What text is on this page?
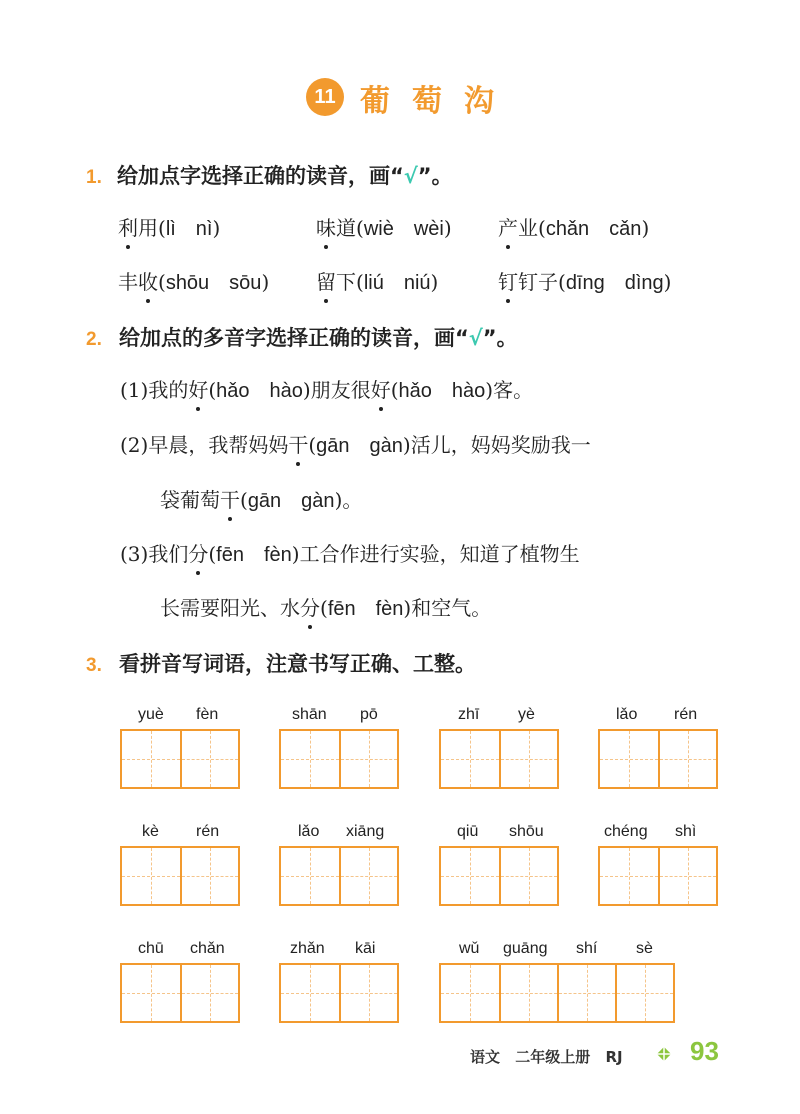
11 葡萄沟
1. 给加点字选择正确的读音，画“√”。
利用(lì　nì)	味道(wiè　wèi) 产业(chǎn　cǎn)
丰收(shōu　sōu) 留下(liú　niú)	钉钉子(dīng　dìng)
2. 给加点的多音字选择正确的读音，画“√”。
(1)我的好(hǎo　hào)朋友很好(hǎo　hào)客。
(2)早晨，我帮妈妈干(gān　gàn)活儿，妈妈奖励我一
袋葡萄干(gān　gàn)。
(3)我们分(fēn　fèn)工合作进行实验，知道了植物生
长需要阳光、水分(fēn　fèn)和空气。
3. 看拼音写词语，注意书写正确、工整。
yuè fèn	shān pō	zhī yè	lǎo rén
kè rén	lǎo xiāng	qiū shōu	chéng shì
chū chǎn	zhǎn kāi	wǔ guāng shí sè
语文 二年级上册 RJ	93
